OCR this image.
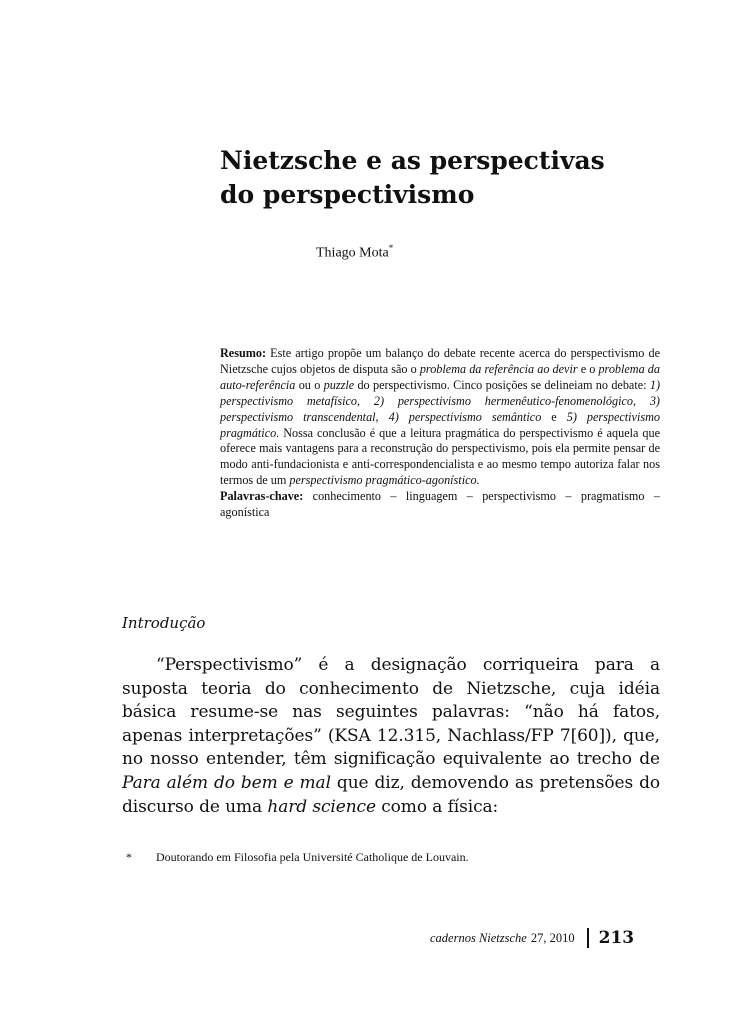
Nietzsche e as perspectivas
do perspectivismo
Thiago Mota*

Resumo: Este artigo propõe um balanço do debate recente acerca do perspectivismo de Nietzsche cujos objetos de disputa são o problema da referência ao devir e o problema da auto-referência ou o puzzle do perspectivismo. Cinco posições se delineiam no debate: 1) perspectivismo metafísico, 2) perspectivismo hermenêutico-fenomenológico, 3) perspectivismo transcendental, 4) perspectivismo semântico e 5) perspectivismo pragmático. Nossa conclusão é que a leitura pragmática do perspectivismo é aquela que oferece mais vantagens para a reconstrução do perspectivismo, pois ela permite pensar de modo anti-fundacionista e anti-correspondencialista e ao mesmo tempo autoriza falar nos termos de um perspectivismo pragmático-agonístico.

Palavras-chave: conhecimento – linguagem – perspectivismo – pragmatismo – agonística

Introdução

“Perspectivismo” é a designação corriqueira para a suposta teoria do conhecimento de Nietzsche, cuja idéia básica resume-se nas seguintes palavras: “não há fatos, apenas interpretações” (KSA 12.315, Nachlass/FP 7[60]), que, no nosso entender, têm significação equivalente ao trecho de Para além do bem e mal que diz, demovendo as pretensões do discurso de uma hard science como a física:

* Doutorando em Filosofia pela Université Catholique de Louvain.
cadernos Nietzsche 27, 2010 213
